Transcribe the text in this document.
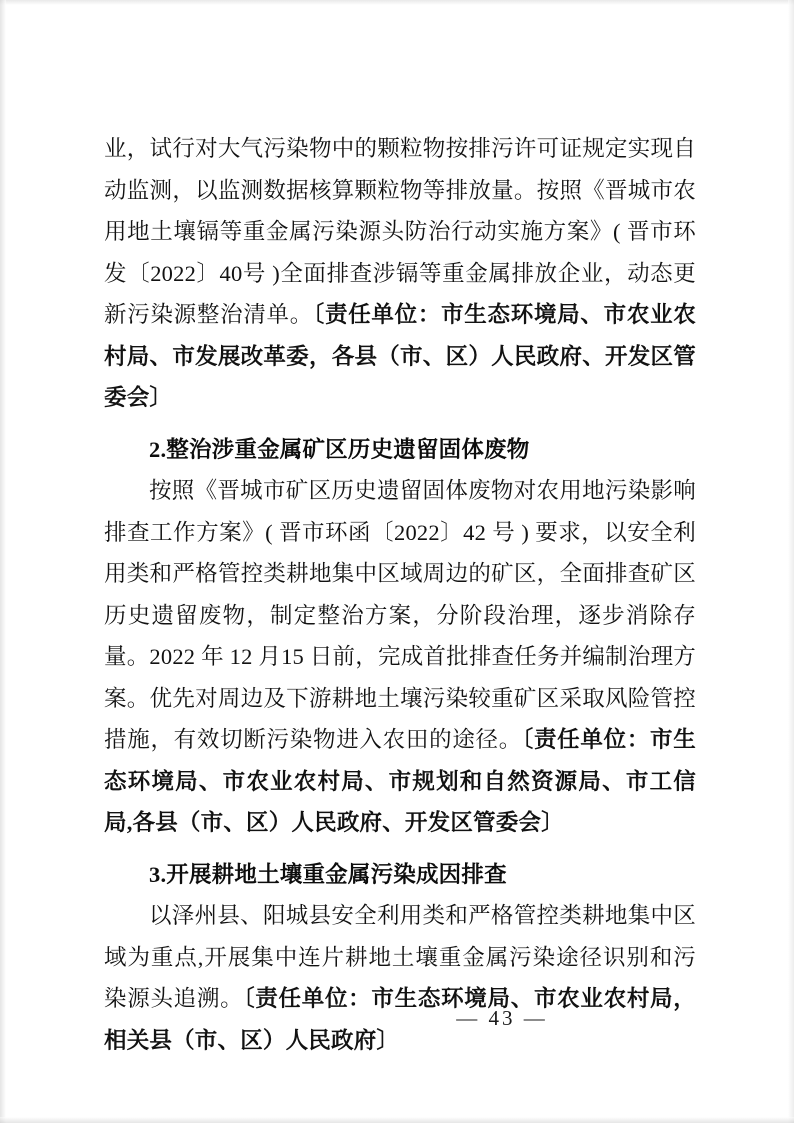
业，试行对大气污染物中的颗粒物按排污许可证规定实现自动监测，以监测数据核算颗粒物等排放量。按照《晋城市农用地土壤镉等重金属污染源头防治行动实施方案》( 晋市环发〔2022〕40号 )全面排查涉镉等重金属排放企业，动态更新污染源整治清单。〔责任单位：市生态环境局、市农业农村局、市发展改革委，各县（市、区）人民政府、开发区管委会〕

2.整治涉重金属矿区历史遗留固体废物

按照《晋城市矿区历史遗留固体废物对农用地污染影响排查工作方案》( 晋市环函〔2022〕42 号 ) 要求，以安全利用类和严格管控类耕地集中区域周边的矿区，全面排查矿区历史遗留废物，制定整治方案，分阶段治理，逐步消除存量。2022 年 12 月15 日前，完成首批排查任务并编制治理方案。优先对周边及下游耕地土壤污染较重矿区采取风险管控措施，有效切断污染物进入农田的途径。〔责任单位：市生态环境局、市农业农村局、市规划和自然资源局、市工信局,各县（市、区）人民政府、开发区管委会〕

3.开展耕地土壤重金属污染成因排查

以泽州县、阳城县安全利用类和严格管控类耕地集中区域为重点,开展集中连片耕地土壤重金属污染途径识别和污染源头追溯。〔责任单位：市生态环境局、市农业农村局，相关县（市、区）人民政府〕

— 43 —
